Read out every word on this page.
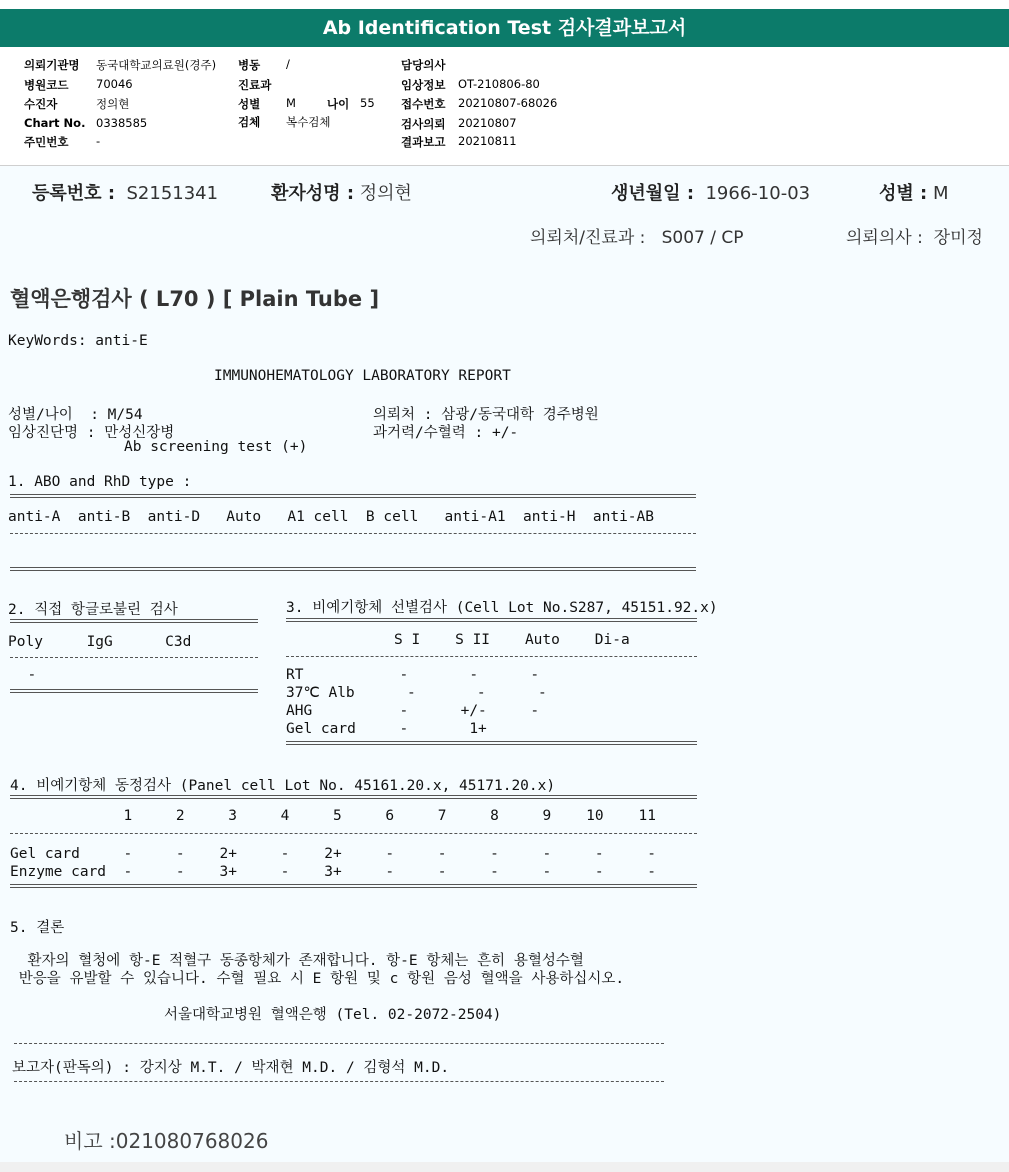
Ab Identification Test 검사결과보고서
의뢰기관명 동국대학교의료원(경주)
병원코드 70046
수진자	정의현
Chart No. 0338585
주민번호 -
병동 /
진료과
성별 M	나이 55
검체 복수검체
담당의사
임상정보 OT-210806-80
접수번호 20210807-68026
검사의뢰 20210807
결과보고 20210811
등록번호 : S2151341	환자성명 : 정의현	생년월일 : 1966-10-03	성별 : M
의뢰처/진료과 : S007 / CP	의뢰의사 : 장미정
혈액은행검사 ( L70 ) [ Plain Tube ]
KeyWords: anti-E
IMMUNOHEMATOLOGY LABORATORY REPORT
성별/나이  : M/54	의뢰처 : 삼광/동국대학 경주병원
임상진단명 : 만성신장병	과거력/수혈력 : +/-
Ab screening test (+)
1. ABO and RhD type :
anti-A  anti-B  anti-D   Auto   A1 cell  B cell   anti-A1  anti-H  anti-AB
2. 직접 항글로불린 검사
Poly     IgG      C3d
-
3. 비예기항체 선별검사 (Cell Lot No.S287, 45151.92.x)
S I    S II    Auto    Di-a
RT           -       -      -
37℃ Alb      -       -      -
AHG          -      +/-     -
Gel card     -       1+
4. 비예기항체 동정검사 (Panel cell Lot No. 45161.20.x, 45171.20.x)
1     2     3     4     5     6     7     8     9    10    11
Gel card     -     -    2+     -    2+     -     -     -     -     -     -
Enzyme card  -     -    3+     -    3+     -     -     -     -     -     -
5. 결론
환자의 혈청에 항-E 적혈구 동종항체가 존재합니다. 항-E 항체는 흔히 용혈성수혈
반응을 유발할 수 있습니다. 수혈 필요 시 E 항원 및 c 항원 음성 혈액을 사용하십시오.
서울대학교병원 혈액은행 (Tel. 02-2072-2504)
보고자(판독의) : 강지상 M.T. / 박재현 M.D. / 김형석 M.D.
비고 :021080768026
